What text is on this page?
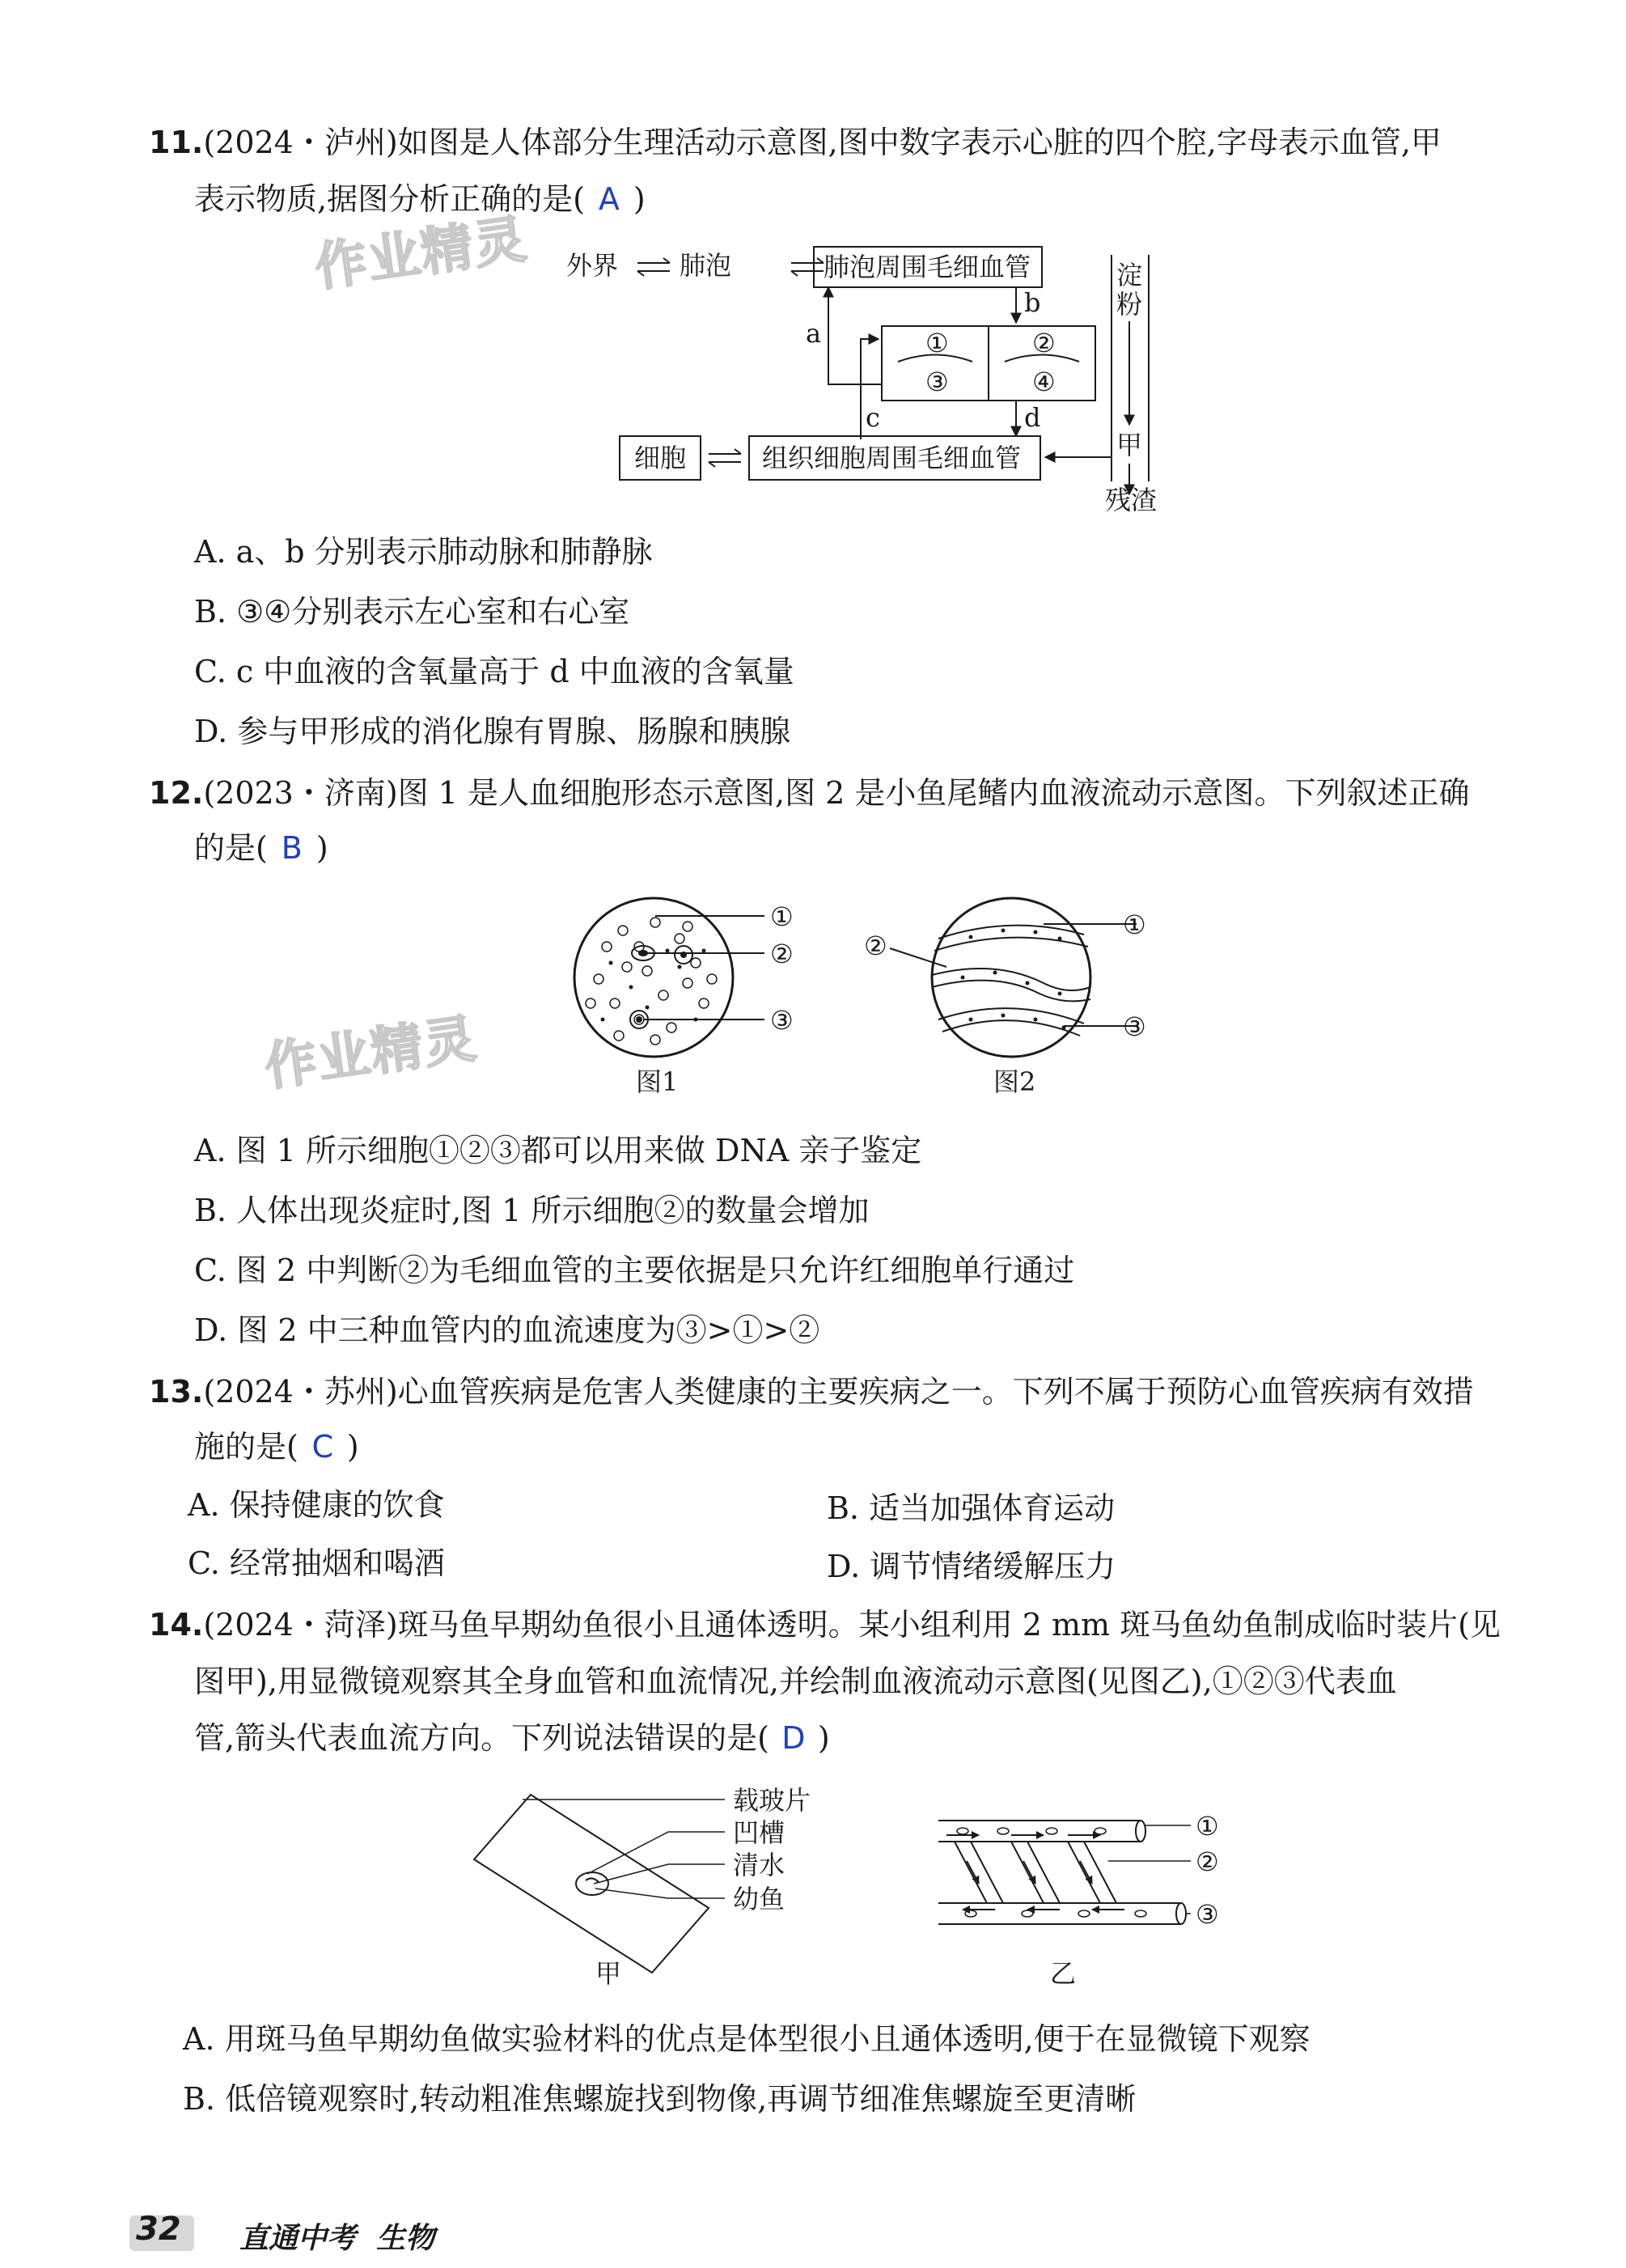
作业精灵
作业精灵
11.(2024・泸州)如图是人体部分生理活动示意图,图中数字表示心脏的四个腔,字母表示血管,甲
表示物质,据图分析正确的是( A )
外界 肺泡	肺泡周围毛细血管
①	②
③	④
a
b
c	d
细胞	组织细胞周围毛细血管
淀
粉
甲
残渣
A. a、b 分别表示肺动脉和肺静脉
B. ③④分别表示左心室和右心室
C. c 中血液的含氧量高于 d 中血液的含氧量
D. 参与甲形成的消化腺有胃腺、肠腺和胰腺
12.(2023・济南)图 1 是人血细胞形态示意图,图 2 是小鱼尾鳍内血液流动示意图。下列叙述正确
的是( B )
①
②
③
图1
②
①
③
图2
A. 图 1 所示细胞①②③都可以用来做 DNA 亲子鉴定
B. 人体出现炎症时,图 1 所示细胞②的数量会增加
C. 图 2 中判断②为毛细血管的主要依据是只允许红细胞单行通过
D. 图 2 中三种血管内的血流速度为③>①>②
13.(2024・苏州)心血管疾病是危害人类健康的主要疾病之一。下列不属于预防心血管疾病有效措
施的是( C )
A. 保持健康的饮食	B. 适当加强体育运动
C. 经常抽烟和喝酒	D. 调节情绪缓解压力
14.(2024・菏泽)斑马鱼早期幼鱼很小且通体透明。某小组利用 2 mm 斑马鱼幼鱼制成临时装片(见
图甲),用显微镜观察其全身血管和血流情况,并绘制血液流动示意图(见图乙),①②③代表血
管,箭头代表血流方向。下列说法错误的是( D )
载玻片
凹槽
清水
幼鱼
甲
①
②
③
乙
A. 用斑马鱼早期幼鱼做实验材料的优点是体型很小且通体透明,便于在显微镜下观察
B. 低倍镜观察时,转动粗准焦螺旋找到物像,再调节细准焦螺旋至更清晰
32 直通中考  生物
